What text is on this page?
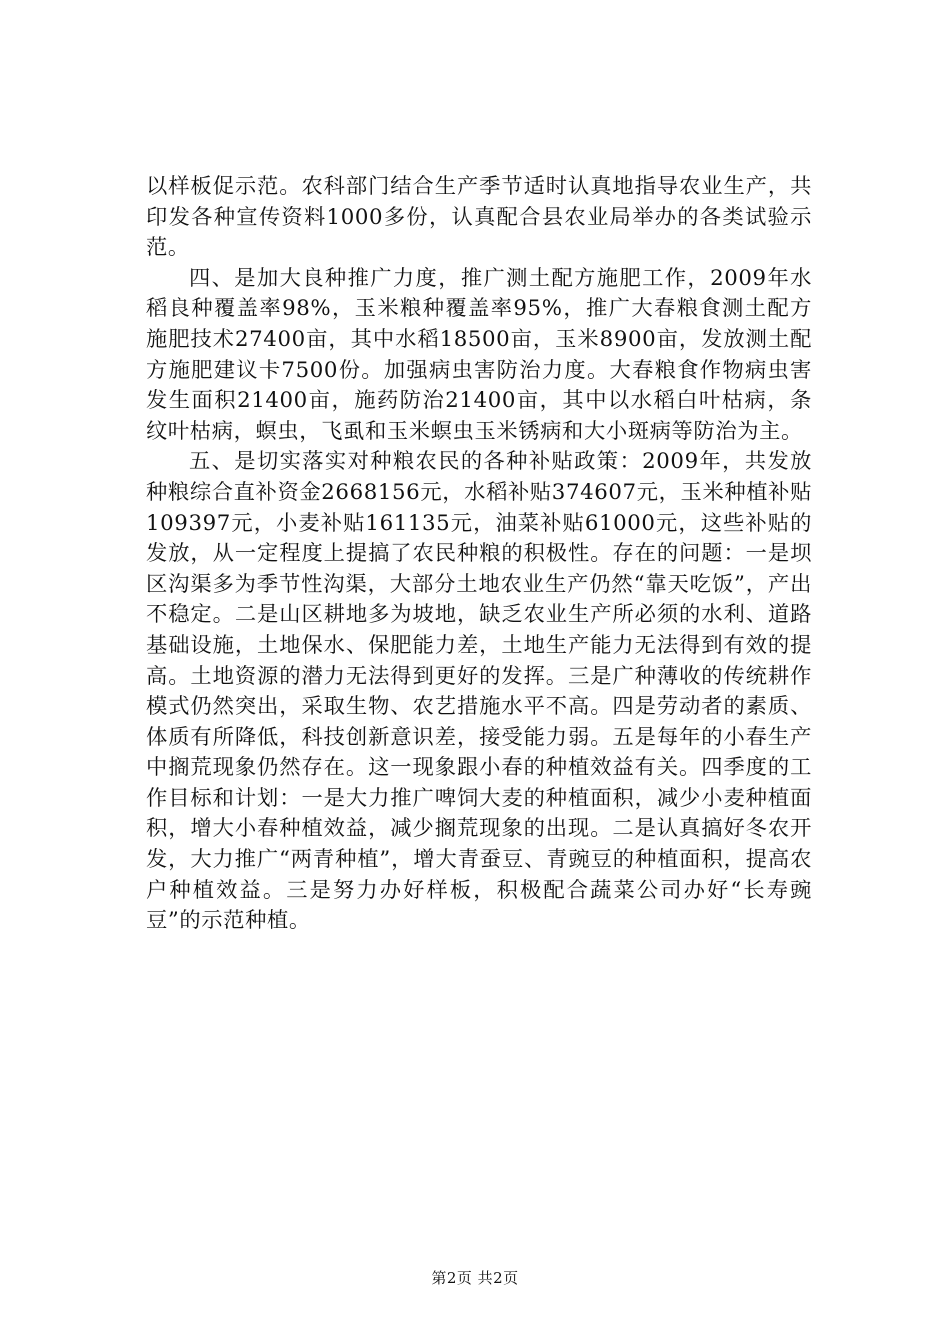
以样板促示范。农科部门结合生产季节适时认真地指导农业生产，共印发各种宣传资料1000多份，认真配合县农业局举办的各类试验示范。

四、是加大良种推广力度，推广测土配方施肥工作，2009年水稻良种覆盖率98%，玉米粮种覆盖率95%，推广大春粮食测土配方施肥技术27400亩，其中水稻18500亩，玉米8900亩，发放测土配方施肥建议卡7500份。加强病虫害防治力度。大春粮食作物病虫害发生面积21400亩，施药防治21400亩，其中以水稻白叶枯病，条纹叶枯病，螟虫，飞虱和玉米螟虫玉米锈病和大小斑病等防治为主。

五、是切实落实对种粮农民的各种补贴政策：2009年，共发放种粮综合直补资金2668156元，水稻补贴374607元，玉米种植补贴109397元，小麦补贴161135元，油菜补贴61000元，这些补贴的发放，从一定程度上提搞了农民种粮的积极性。存在的问题：一是坝区沟渠多为季节性沟渠，大部分土地农业生产仍然“靠天吃饭”，产出不稳定。二是山区耕地多为坡地，缺乏农业生产所必须的水利、道路基础设施，土地保水、保肥能力差，土地生产能力无法得到有效的提高。土地资源的潜力无法得到更好的发挥。三是广种薄收的传统耕作模式仍然突出，采取生物、农艺措施水平不高。四是劳动者的素质、体质有所降低，科技创新意识差，接受能力弱。五是每年的小春生产中搁荒现象仍然存在。这一现象跟小春的种植效益有关。四季度的工作目标和计划：一是大力推广啤饲大麦的种植面积，减少小麦种植面积，增大小春种植效益，减少搁荒现象的出现。二是认真搞好冬农开发，大力推广“两青种植”，增大青蚕豆、青豌豆的种植面积，提高农户种植效益。三是努力办好样板，积极配合蔬菜公司办好“长寿豌豆”的示范种植。

第2页 共2页
